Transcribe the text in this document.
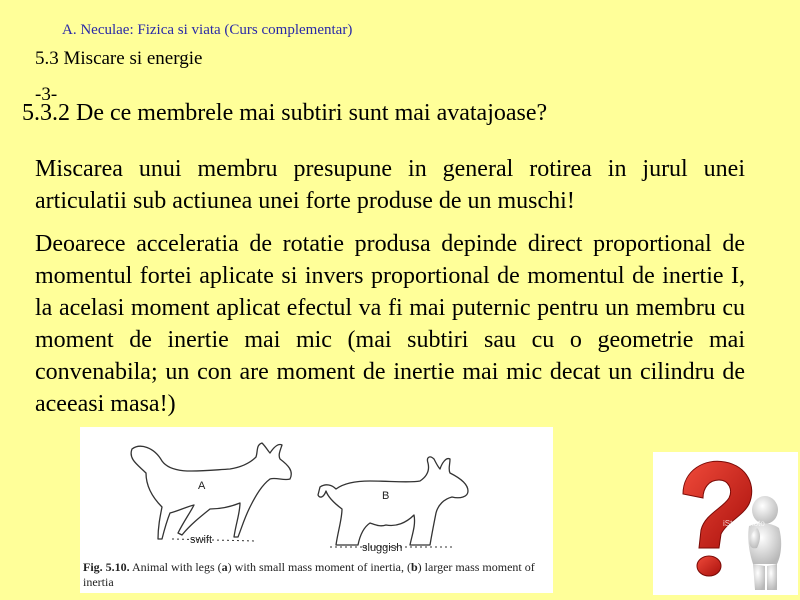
A. Neculae: Fizica si viata (Curs complementar)
5.3 Miscare si energie
-3-
5.3.2 De ce membrele mai subtiri sunt mai avatajoase?

Miscarea unui membru presupune in general rotirea in jurul unei articulatii sub actiunea unei forte produse de un muschi!

Deoarece acceleratia de rotatie produsa depinde direct proportional de momentul fortei aplicate si invers proportional de momentul de inertie I, la acelasi moment aplicat efectul va fi mai puternic pentru un membru cu moment de inertie mai mic (mai subtiri sau cu o geometrie mai convenabila; un con are moment de inertie mai mic decat un cilindru de aceeasi masa!)

A
B
swift
sluggish
Fig. 5.10. Animal with legs (a) with small mass moment of inertia, (b) larger mass moment of inertia
iStockphoto
